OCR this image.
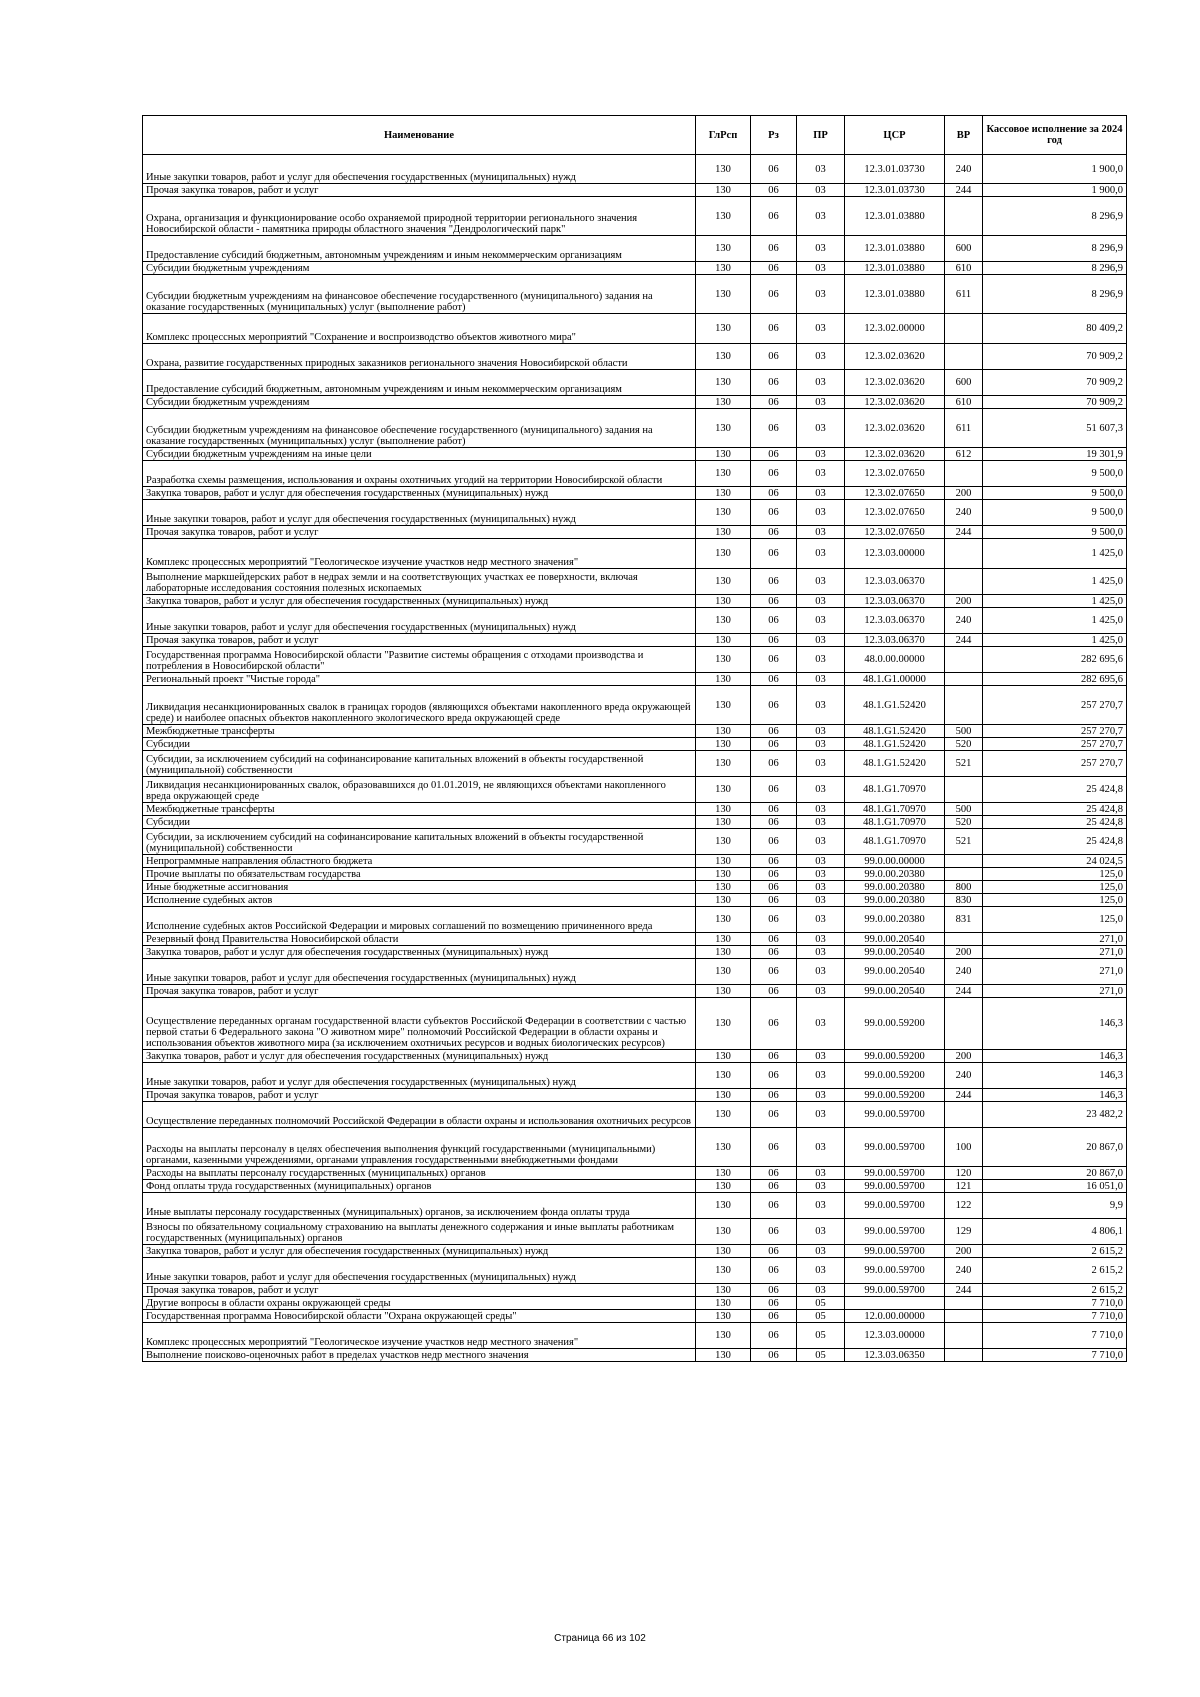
Наименование	ГлРсп	Рз	ПР	ЦСР	ВР	Кассовое исполнение за 2024 год
Иные закупки товаров, работ и услуг для обеспечения государственных (муниципальных) нужд	130	06	03	12.3.01.03730	240	1 900,0
Прочая закупка товаров, работ и услуг	130	06	03	12.3.01.03730	244	1 900,0
Охрана, организация и функционирование особо охраняемой природной территории регионального значения Новосибирской области - памятника природы областного значения "Дендрологический парк"	130	06	03	12.3.01.03880		8 296,9
Предоставление субсидий бюджетным, автономным учреждениям и иным некоммерческим организациям	130	06	03	12.3.01.03880	600	8 296,9
Субсидии бюджетным учреждениям	130	06	03	12.3.01.03880	610	8 296,9
Субсидии бюджетным учреждениям на финансовое обеспечение государственного (муниципального) задания на оказание государственных (муниципальных) услуг (выполнение работ)	130	06	03	12.3.01.03880	611	8 296,9
Комплекс процессных мероприятий "Сохранение и воспроизводство объектов животного мира"	130	06	03	12.3.02.00000		80 409,2
Охрана, развитие государственных природных заказников регионального значения Новосибирской области	130	06	03	12.3.02.03620		70 909,2
Предоставление субсидий бюджетным, автономным учреждениям и иным некоммерческим организациям	130	06	03	12.3.02.03620	600	70 909,2
Субсидии бюджетным учреждениям	130	06	03	12.3.02.03620	610	70 909,2
Субсидии бюджетным учреждениям на финансовое обеспечение государственного (муниципального) задания на оказание государственных (муниципальных) услуг (выполнение работ)	130	06	03	12.3.02.03620	611	51 607,3
Субсидии бюджетным учреждениям на иные цели	130	06	03	12.3.02.03620	612	19 301,9
Разработка схемы размещения, использования и охраны охотничьих угодий на территории Новосибирской области	130	06	03	12.3.02.07650		9 500,0
Закупка товаров, работ и услуг для обеспечения государственных (муниципальных) нужд	130	06	03	12.3.02.07650	200	9 500,0
Иные закупки товаров, работ и услуг для обеспечения государственных (муниципальных) нужд	130	06	03	12.3.02.07650	240	9 500,0
Прочая закупка товаров, работ и услуг	130	06	03	12.3.02.07650	244	9 500,0
Комплекс процессных мероприятий "Геологическое изучение участков недр местного значения"	130	06	03	12.3.03.00000		1 425,0
Выполнение маркшейдерских работ в недрах земли и на соответствующих участках ее поверхности, включая лабораторные исследования состояния полезных ископаемых	130	06	03	12.3.03.06370		1 425,0
Закупка товаров, работ и услуг для обеспечения государственных (муниципальных) нужд	130	06	03	12.3.03.06370	200	1 425,0
Иные закупки товаров, работ и услуг для обеспечения государственных (муниципальных) нужд	130	06	03	12.3.03.06370	240	1 425,0
Прочая закупка товаров, работ и услуг	130	06	03	12.3.03.06370	244	1 425,0
Государственная программа Новосибирской области "Развитие системы обращения с отходами производства и потребления в Новосибирской области"	130	06	03	48.0.00.00000		282 695,6
Региональный проект "Чистые города"	130	06	03	48.1.G1.00000		282 695,6
Ликвидация несанкционированных свалок в границах городов (являющихся объектами накопленного вреда окружающей среде) и наиболее опасных объектов накопленного экологического вреда окружающей среде	130	06	03	48.1.G1.52420		257 270,7
Межбюджетные трансферты	130	06	03	48.1.G1.52420	500	257 270,7
Субсидии	130	06	03	48.1.G1.52420	520	257 270,7
Субсидии, за исключением субсидий на софинансирование капитальных вложений в объекты государственной (муниципальной) собственности	130	06	03	48.1.G1.52420	521	257 270,7
Ликвидация несанкционированных свалок, образовавшихся до 01.01.2019, не являющихся объектами накопленного вреда окружающей среде	130	06	03	48.1.G1.70970		25 424,8
Межбюджетные трансферты	130	06	03	48.1.G1.70970	500	25 424,8
Субсидии	130	06	03	48.1.G1.70970	520	25 424,8
Субсидии, за исключением субсидий на софинансирование капитальных вложений в объекты государственной (муниципальной) собственности	130	06	03	48.1.G1.70970	521	25 424,8
Непрограммные направления областного бюджета	130	06	03	99.0.00.00000		24 024,5
Прочие выплаты по обязательствам государства	130	06	03	99.0.00.20380		125,0
Иные бюджетные ассигнования	130	06	03	99.0.00.20380	800	125,0
Исполнение судебных актов	130	06	03	99.0.00.20380	830	125,0
Исполнение судебных актов Российской Федерации и мировых соглашений по возмещению причиненного вреда	130	06	03	99.0.00.20380	831	125,0
Резервный фонд Правительства Новосибирской области	130	06	03	99.0.00.20540		271,0
Закупка товаров, работ и услуг для обеспечения государственных (муниципальных) нужд	130	06	03	99.0.00.20540	200	271,0
Иные закупки товаров, работ и услуг для обеспечения государственных (муниципальных) нужд	130	06	03	99.0.00.20540	240	271,0
Прочая закупка товаров, работ и услуг	130	06	03	99.0.00.20540	244	271,0
Осуществление переданных органам государственной власти субъектов Российской Федерации в соответствии с частью первой статьи 6 Федерального закона "О животном мире" полномочий Российской Федерации в области охраны и использования объектов животного мира (за исключением охотничьих ресурсов и водных биологических ресурсов)	130	06	03	99.0.00.59200		146,3
Закупка товаров, работ и услуг для обеспечения государственных (муниципальных) нужд	130	06	03	99.0.00.59200	200	146,3
Иные закупки товаров, работ и услуг для обеспечения государственных (муниципальных) нужд	130	06	03	99.0.00.59200	240	146,3
Прочая закупка товаров, работ и услуг	130	06	03	99.0.00.59200	244	146,3
Осуществление переданных полномочий Российской Федерации в области охраны и использования охотничьих ресурсов	130	06	03	99.0.00.59700		23 482,2
Расходы на выплаты персоналу в целях обеспечения выполнения функций государственными (муниципальными) органами, казенными учреждениями, органами управления государственными внебюджетными фондами	130	06	03	99.0.00.59700	100	20 867,0
Расходы на выплаты персоналу государственных (муниципальных) органов	130	06	03	99.0.00.59700	120	20 867,0
Фонд оплаты труда государственных (муниципальных) органов	130	06	03	99.0.00.59700	121	16 051,0
Иные выплаты персоналу государственных (муниципальных) органов, за исключением фонда оплаты труда	130	06	03	99.0.00.59700	122	9,9
Взносы по обязательному социальному страхованию на выплаты денежного содержания и иные выплаты работникам государственных (муниципальных) органов	130	06	03	99.0.00.59700	129	4 806,1
Закупка товаров, работ и услуг для обеспечения государственных (муниципальных) нужд	130	06	03	99.0.00.59700	200	2 615,2
Иные закупки товаров, работ и услуг для обеспечения государственных (муниципальных) нужд	130	06	03	99.0.00.59700	240	2 615,2
Прочая закупка товаров, работ и услуг	130	06	03	99.0.00.59700	244	2 615,2
Другие вопросы в области охраны окружающей среды	130	06	05			7 710,0
Государственная программа Новосибирской области "Охрана окружающей среды"	130	06	05	12.0.00.00000		7 710,0
Комплекс процессных мероприятий "Геологическое изучение участков недр местного значения"	130	06	05	12.3.03.00000		7 710,0
Выполнение поисково-оценочных работ в пределах участков недр местного значения	130	06	05	12.3.03.06350		7 710,0
Страница 66 из 102
